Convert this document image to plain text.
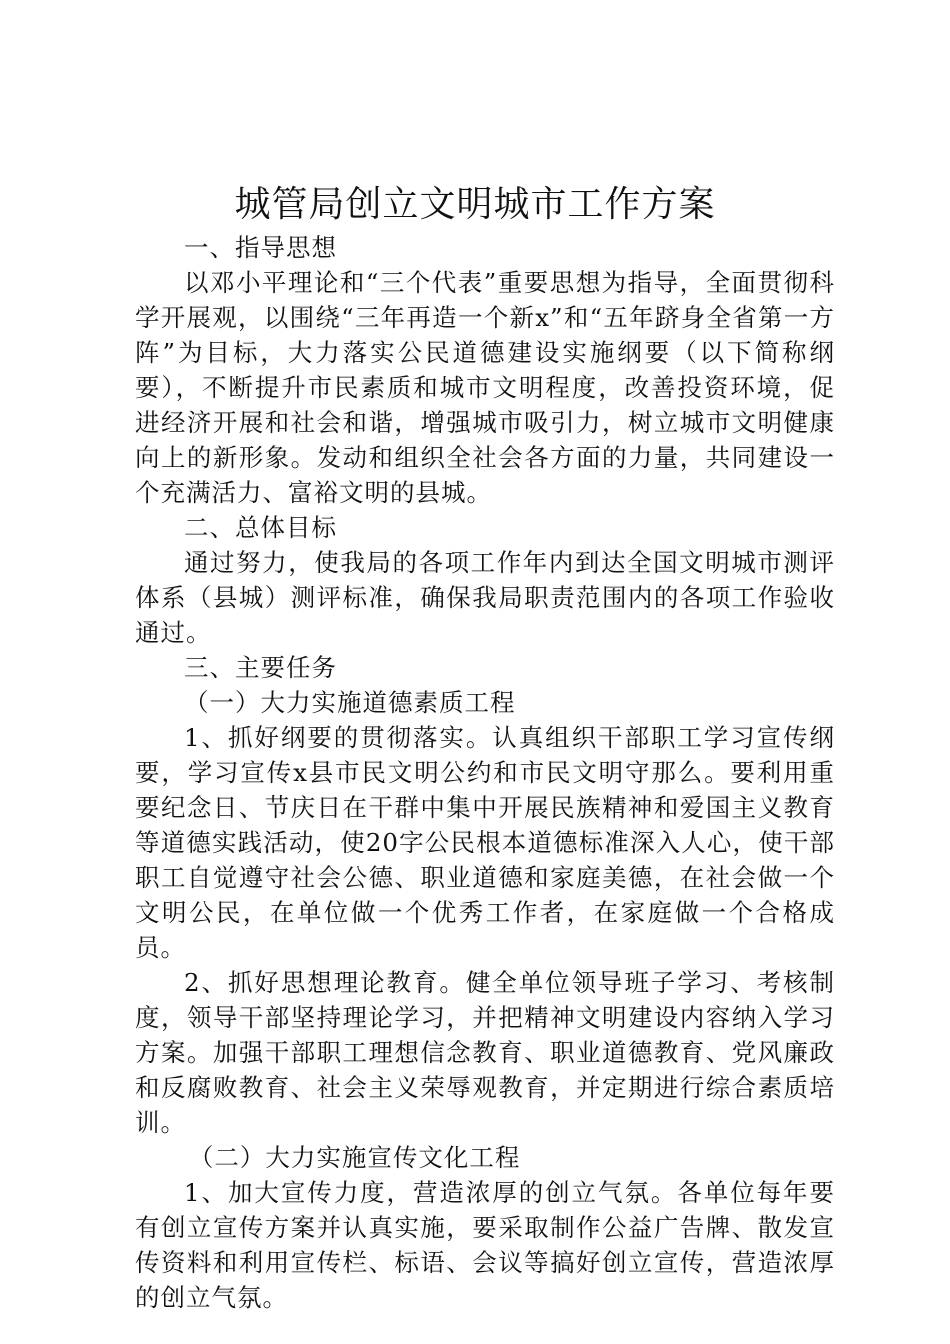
城管局创立文明城市工作方案

一、指导思想

以邓小平理论和“三个代表”重要思想为指导，全面贯彻科学开展观，以围绕“三年再造一个新x”和“五年跻身全省第一方阵”为目标，大力落实公民道德建设实施纲要（以下简称纲要），不断提升市民素质和城市文明程度，改善投资环境，促进经济开展和社会和谐，增强城市吸引力，树立城市文明健康向上的新形象。发动和组织全社会各方面的力量，共同建设一个充满活力、富裕文明的县城。

二、总体目标

通过努力，使我局的各项工作年内到达全国文明城市测评体系（县城）测评标准，确保我局职责范围内的各项工作验收通过。

三、主要任务

（一）大力实施道德素质工程

1、抓好纲要的贯彻落实。认真组织干部职工学习宣传纲要，学习宣传x县市民文明公约和市民文明守那么。要利用重要纪念日、节庆日在干群中集中开展民族精神和爱国主义教育等道德实践活动，使20字公民根本道德标准深入人心，使干部职工自觉遵守社会公德、职业道德和家庭美德，在社会做一个文明公民，在单位做一个优秀工作者，在家庭做一个合格成员。

2、抓好思想理论教育。健全单位领导班子学习、考核制度，领导干部坚持理论学习，并把精神文明建设内容纳入学习方案。加强干部职工理想信念教育、职业道德教育、党风廉政和反腐败教育、社会主义荣辱观教育，并定期进行综合素质培训。

（二）大力实施宣传文化工程

1、加大宣传力度，营造浓厚的创立气氛。各单位每年要有创立宣传方案并认真实施，要采取制作公益广告牌、散发宣传资料和利用宣传栏、标语、会议等搞好创立宣传，营造浓厚的创立气氛。
